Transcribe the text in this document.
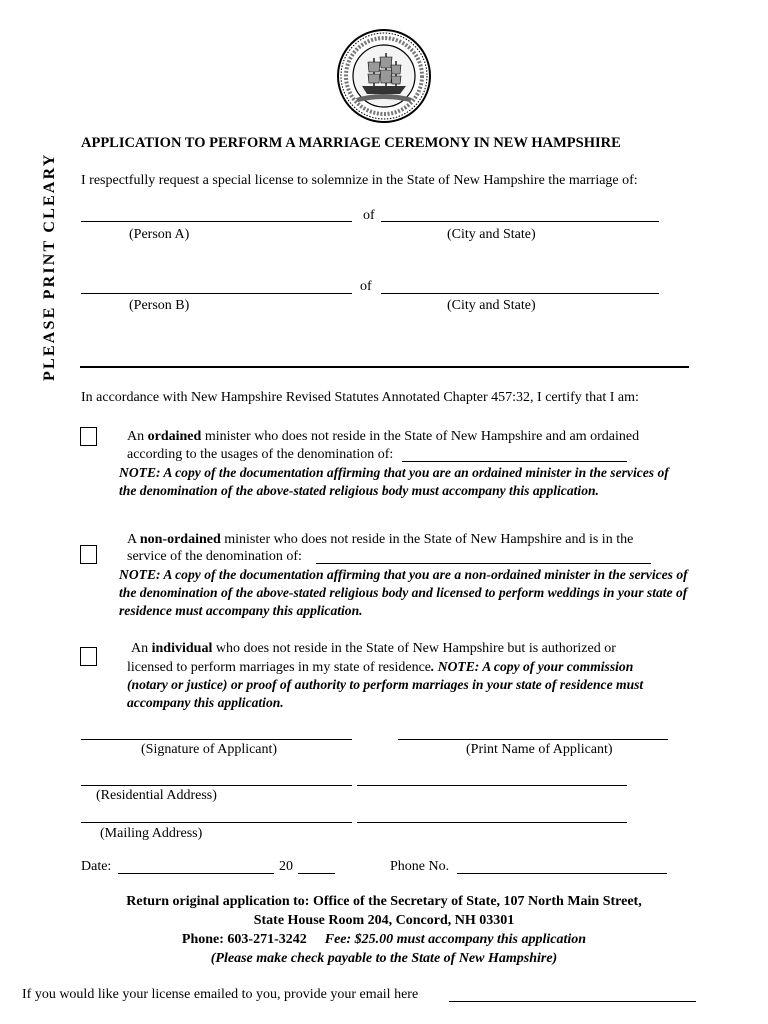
PLEASE PRINT CLEARY
APPLICATION TO PERFORM A MARRIAGE CEREMONY IN NEW HAMPSHIRE
I respectfully request a special license to solemnize in the State of New Hampshire the marriage of:
of
(Person A)	(City and State)
of
(Person B)	(City and State)
In accordance with New Hampshire Revised Statutes Annotated Chapter 457:32, I certify that I am:
An ordained minister who does not reside in the State of New Hampshire and am ordained
according to the usages of the denomination of:
NOTE: A copy of the documentation affirming that you are an ordained minister in the services of the denomination of the above-stated religious body must accompany this application.
A non-ordained minister who does not reside in the State of New Hampshire and is in the
service of the denomination of:
NOTE: A copy of the documentation affirming that you are a non-ordained minister in the services of the denomination of the above-stated religious body and licensed to perform weddings in your state of residence must accompany this application.
An individual who does not reside in the State of New Hampshire but is authorized or
licensed to perform marriages in my state of residence. NOTE: A copy of your commission
(notary or justice) or proof of authority to perform marriages in your state of residence must accompany this application.
(Signature of Applicant)	(Print Name of Applicant)
(Residential Address)
(Mailing Address)
Date:	20	Phone No.
Return original application to: Office of the Secretary of State, 107 North Main Street,
State House Room 204, Concord, NH 03301
Phone: 603-271-3242 Fee: $25.00 must accompany this application
(Please make check payable to the State of New Hampshire)
If you would like your license emailed to you, provide your email here
